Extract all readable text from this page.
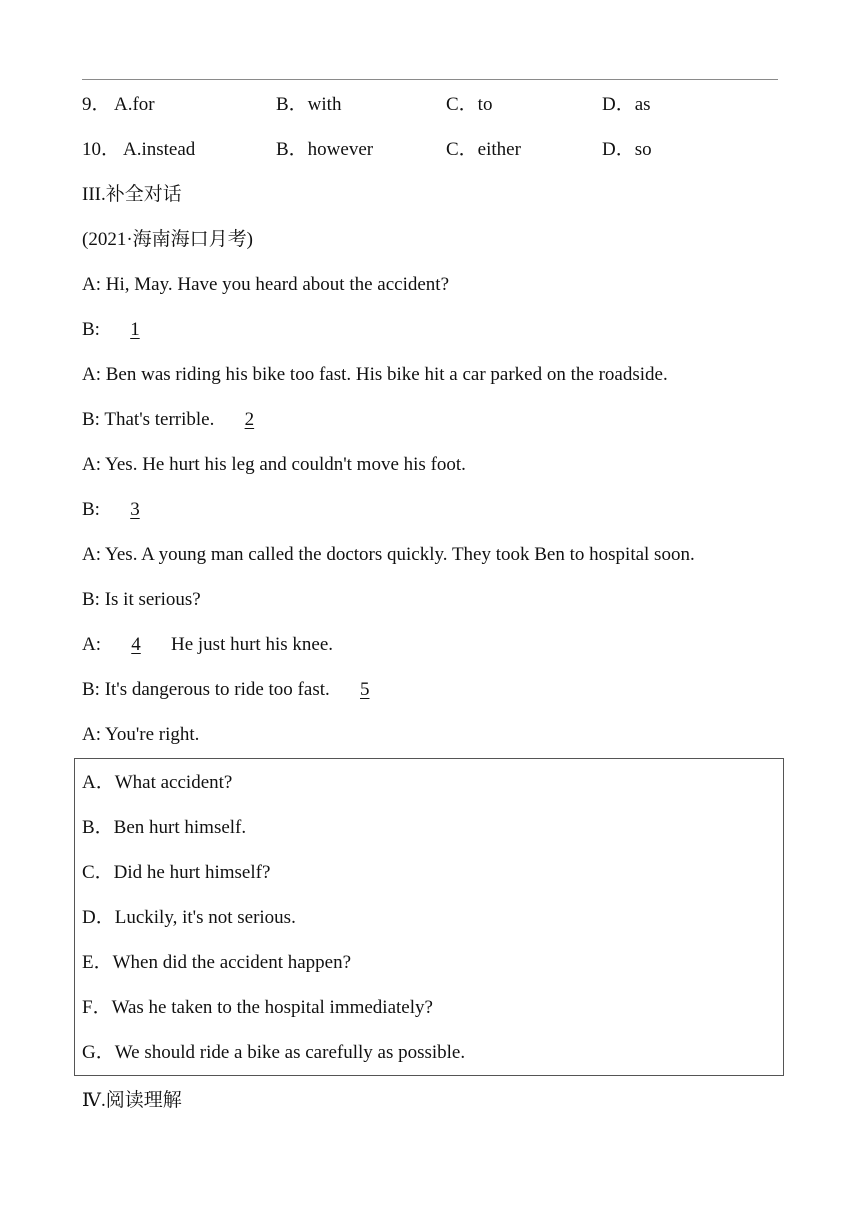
9． A.for	B．with	C．to	D．as
10． A.instead	B．however	C．either	D．so
III.补全对话
(2021·海南海口月考)
A: Hi, May. Have you heard about the accident?
B: 1
A: Ben was riding his bike too fast. His bike hit a car parked on the roadside.
B: That's terrible. 2
A: Yes. He hurt his leg and couldn't move his foot.
B: 3
A: Yes. A young man called the doctors quickly. They took Ben to hospital soon.
B: Is it serious?
A: 4 He just hurt his knee.
B: It's dangerous to ride too fast. 5
A: You're right.
A．What accident?
B．Ben hurt himself.
C．Did he hurt himself?
D．Luckily, it's not serious.
E．When did the accident happen?
F．Was he taken to the hospital immediately?
G．We should ride a bike as carefully as possible.
Ⅳ.阅读理解
